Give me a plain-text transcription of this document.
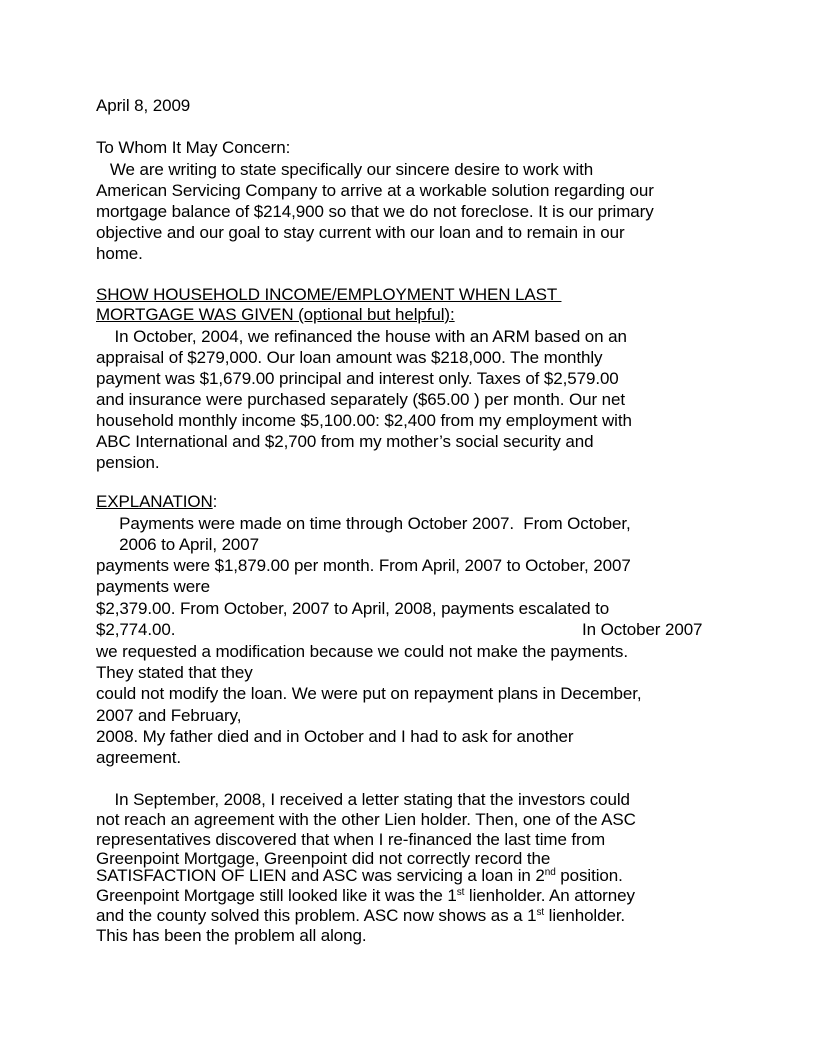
April 8, 2009
To Whom It May Concern:
We are writing to state specifically our sincere desire to work with
American Servicing Company to arrive at a workable solution regarding our
mortgage balance of $214,900 so that we do not foreclose. It is our primary
objective and our goal to stay current with our loan and to remain in our
home.
SHOW HOUSEHOLD INCOME/EMPLOYMENT WHEN LAST
MORTGAGE WAS GIVEN (optional but helpful):
In October, 2004, we refinanced the house with an ARM based on an
appraisal of $279,000. Our loan amount was $218,000. The monthly
payment was $1,679.00 principal and interest only. Taxes of $2,579.00
and insurance were purchased separately ($65.00 ) per month. Our net
household monthly income $5,100.00: $2,400 from my employment with
ABC International and $2,700 from my mother’s social security and
pension.
EXPLANATION:
Payments were made on time through October 2007.  From October,
2006 to April, 2007
payments were $1,879.00 per month. From April, 2007 to October, 2007
payments were
$2,379.00. From October, 2007 to April, 2008, payments escalated to
$2,774.00.	In October 2007
we requested a modification because we could not make the payments.
They stated that they
could not modify the loan. We were put on repayment plans in December,
2007 and February,
2008. My father died and in October and I had to ask for another
agreement.
In September, 2008, I received a letter stating that the investors could
not reach an agreement with the other Lien holder. Then, one of the ASC
representatives discovered that when I re-financed the last time from
Greenpoint Mortgage, Greenpoint did not correctly record the
SATISFACTION OF LIEN and ASC was servicing a loan in 2nd position.
Greenpoint Mortgage still looked like it was the 1st lienholder. An attorney
and the county solved this problem. ASC now shows as a 1st lienholder.
This has been the problem all along.
